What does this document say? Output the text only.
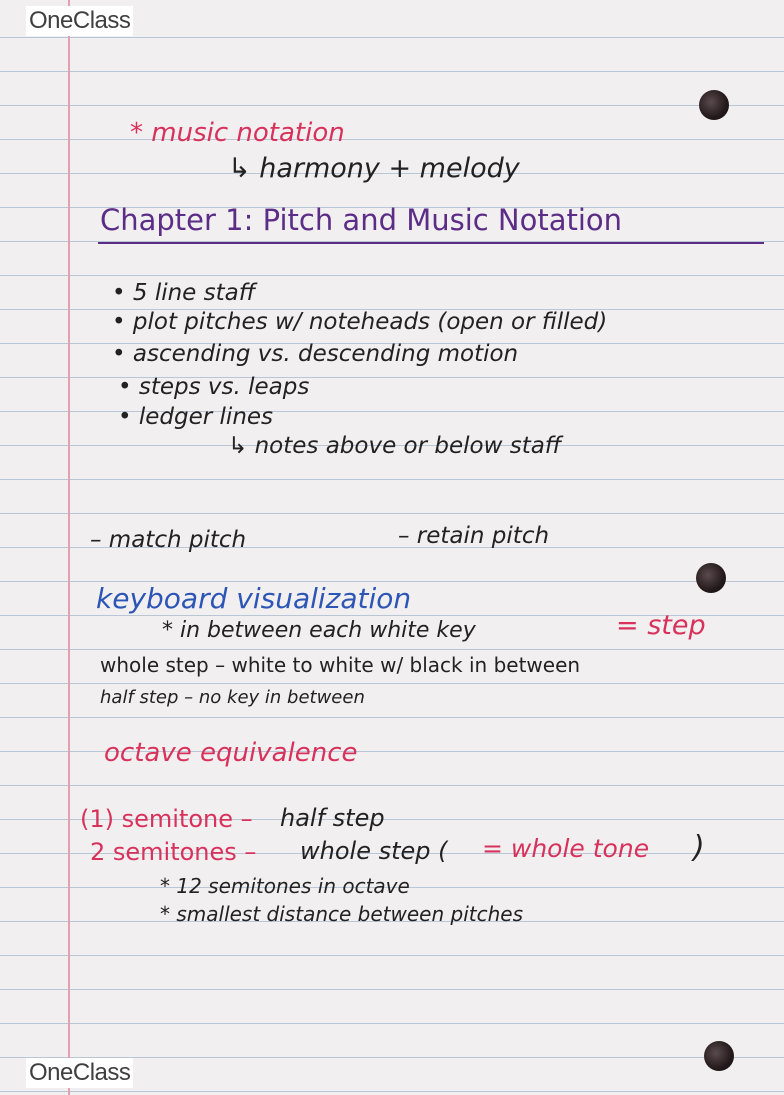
OneClass
OneClass
* music notation
↳ harmony + melody
Chapter 1: Pitch and Music Notation
• 5 line staff
• plot pitches w/ noteheads (open or filled)
• ascending vs. descending motion
• steps vs. leaps
• ledger lines
↳ notes above or below staff
– match pitch	– retain pitch
keyboard visualization
* in between each white key	= step
whole step – white to white w/ black in between
half step – no key in between
octave equivalence
(1) semitone – half step
2 semitones – whole step ( = whole tone )
* 12 semitones in octave
* smallest distance between pitches
